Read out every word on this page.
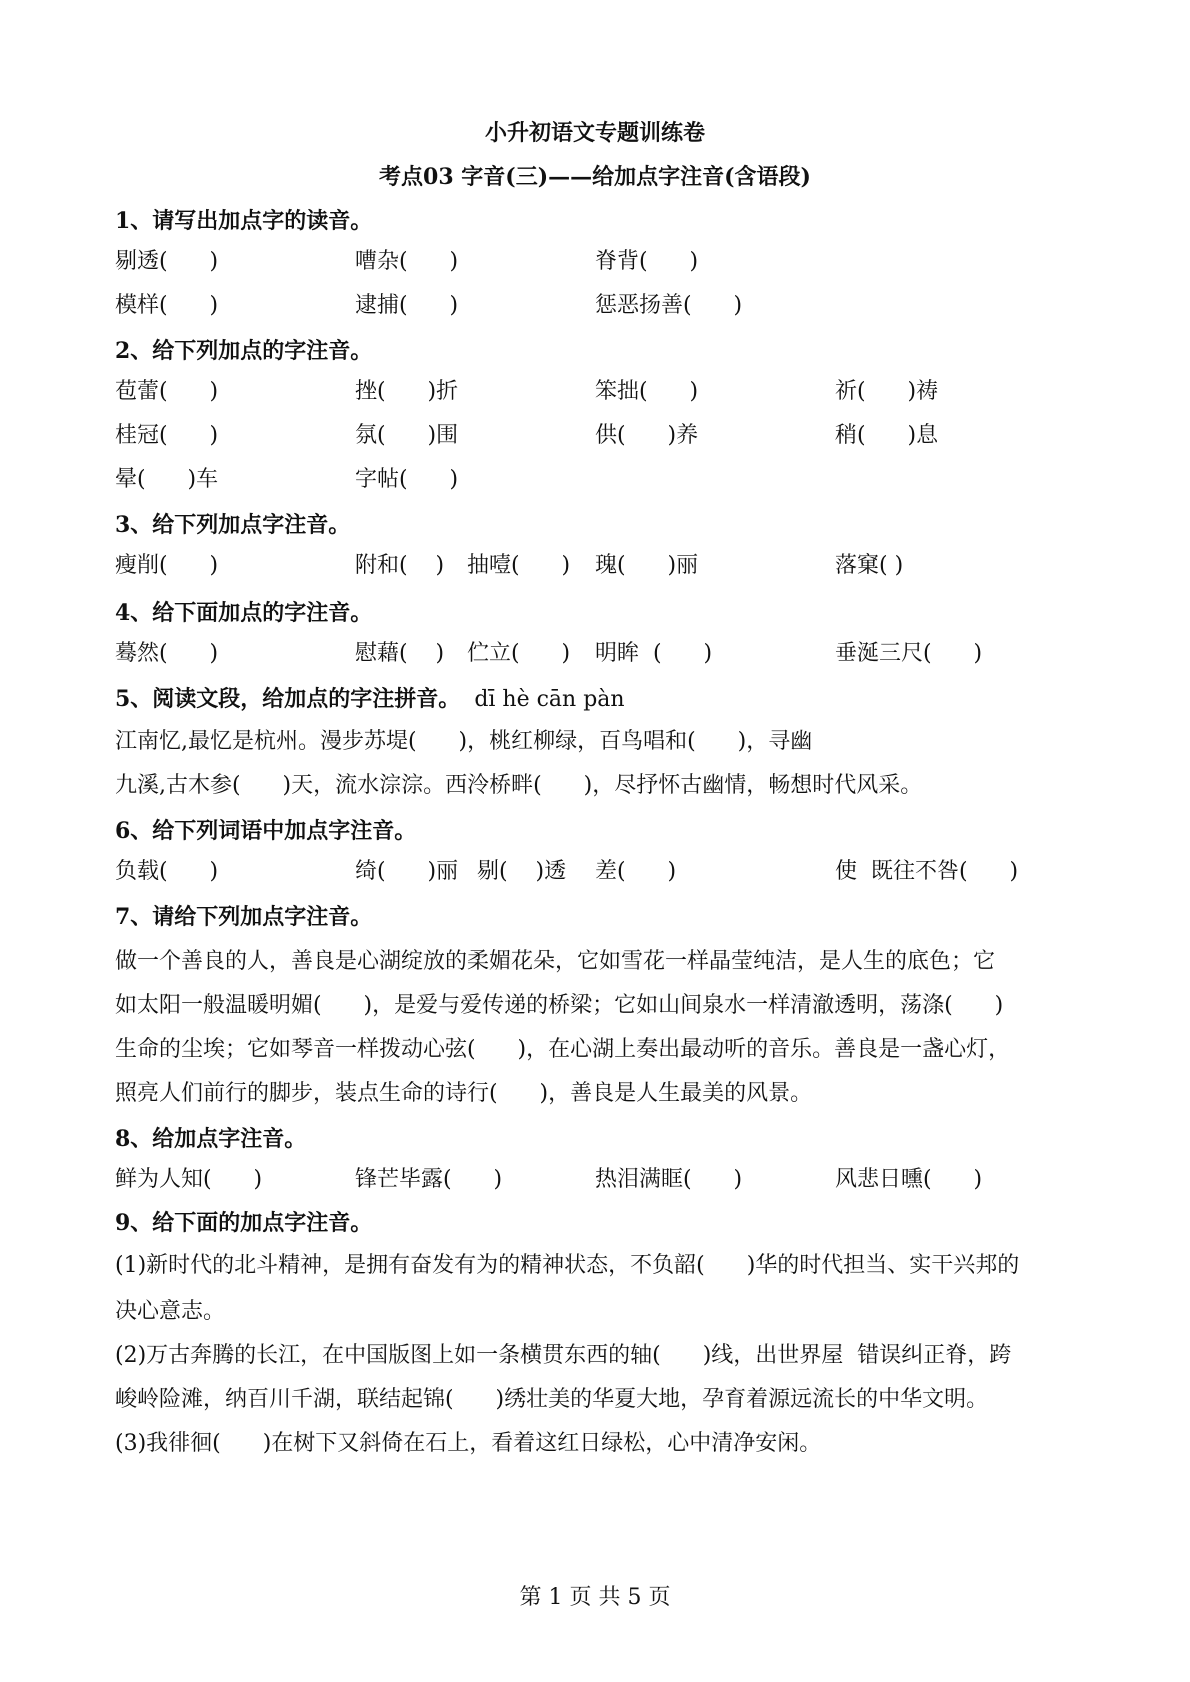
小升初语文专题训练卷
考点03 字音(三)——给加点字注音(含语段)
1、请写出加点字的读音。
剔透(      )	嘈杂(      )	脊背(      )
模样(      )	逮捕(      )	惩恶扬善(      )
2、给下列加点的字注音。
苞蕾(      )	挫(      )折	笨拙(      )	祈(      )祷
桂冠(      )	氛(      )围	供(      )养	稍(      )息
晕(      )车	字帖(      )
3、给下列加点字注音。
瘦削(      )	附和(    ) 抽噎(      ) 瑰(      )丽	落窠( )
4、给下面加点的字注音。
蓦然(      )	慰藉(    ) 伫立(      ) 明眸  (      )	垂涎三尺(      )
5、阅读文段，给加点的字注拼音。 dī hè cān pàn
江南忆,最忆是杭州。漫步苏堤(      )，桃红柳绿，百鸟唱和(      )，寻幽
九溪,古木参(      )天，流水淙淙。西泠桥畔(      )，尽抒怀古幽情，畅想时代风采。
6、给下列词语中加点字注音。
负载(      )	绮(      )丽 剔(    )透 差(      )	使  既往不咎(      )
7、请给下列加点字注音。
做一个善良的人，善良是心湖绽放的柔媚花朵，它如雪花一样晶莹纯洁，是人生的底色；它
如太阳一般温暖明媚(      )，是爱与爱传递的桥梁；它如山间泉水一样清澈透明，荡涤(      )
生命的尘埃；它如琴音一样拨动心弦(      )，在心湖上奏出最动听的音乐。善良是一盏心灯，
照亮人们前行的脚步，装点生命的诗行(      )，善良是人生最美的风景。
8、给加点字注音。
鲜为人知(      )	锋芒毕露(      )	热泪满眶(      )	风悲日曛(      )
9、给下面的加点字注音。
(1)新时代的北斗精神，是拥有奋发有为的精神状态，不负韶(      )华的时代担当、实干兴邦的
决心意志。
(2)万古奔腾的长江，在中国版图上如一条横贯东西的轴(      )线，出世界屋  错误纠正脊，跨
峻岭险滩，纳百川千湖，联结起锦(      )绣壮美的华夏大地，孕育着源远流长的中华文明。
(3)我徘徊(      )在树下又斜倚在石上，看着这红日绿松，心中清净安闲。
第 1 页 共 5 页
